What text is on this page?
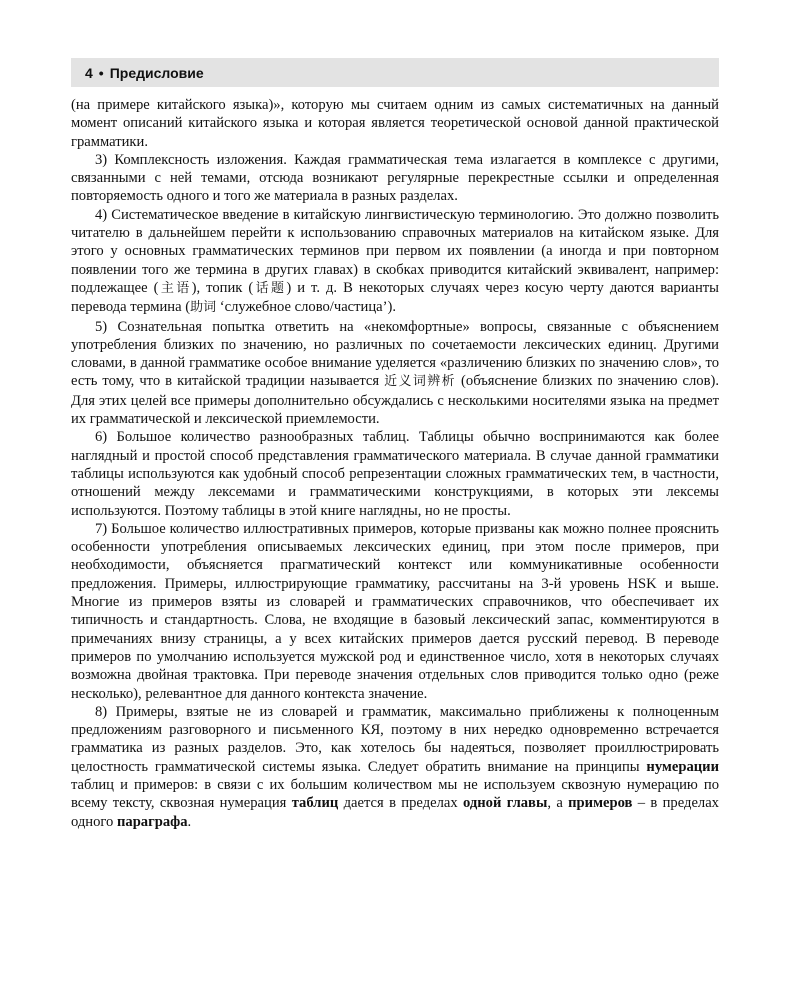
4 • Предисловие

(на примере китайского языка)», которую мы считаем одним из самых систематичных на данный момент описаний китайского языка и которая является теоретической основой данной практической грамматики.

3) Комплексность изложения. Каждая грамматическая тема излагается в комплексе с другими, связанными с ней темами, отсюда возникают регулярные перекрестные ссылки и определенная повторяемость одного и того же материала в разных разделах.

4) Систематическое введение в китайскую лингвистическую терминологию. Это должно позволить читателю в дальнейшем перейти к использованию справочных материалов на китайском языке. Для этого у основных грамматических терминов при первом их появлении (а иногда и при повторном появлении того же термина в других главах) в скобках приводится китайский эквивалент, например: подлежащее (主语), топик (话题) и т. д. В некоторых случаях через косую черту даются варианты перевода термина (助词 ‘служебное слово/частица’).

5) Сознательная попытка ответить на «некомфортные» вопросы, связанные с объяснением употребления близких по значению, но различных по сочетаемости лексических единиц. Другими словами, в данной грамматике особое внимание уделяется «различению близких по значению слов», то есть тому, что в китайской традиции называется 近义词辨析 (объяснение близких по значению слов). Для этих целей все примеры дополнительно обсуждались с несколькими носителями языка на предмет их грамматической и лексической приемлемости.

6) Большое количество разнообразных таблиц. Таблицы обычно воспринимаются как более наглядный и простой способ представления грамматического материала. В случае данной грамматики таблицы используются как удобный способ репрезентации сложных грамматических тем, в частности, отношений между лексемами и грамматическими конструкциями, в которых эти лексемы используются. Поэтому таблицы в этой книге наглядны, но не просты.

7) Большое количество иллюстративных примеров, которые призваны как можно полнее прояснить особенности употребления описываемых лексических единиц, при этом после примеров, при необходимости, объясняется прагматический контекст или коммуникативные особенности предложения. Примеры, иллюстрирующие грамматику, рассчитаны на 3-й уровень HSK и выше. Многие из примеров взяты из словарей и грамматических справочников, что обеспечивает их типичность и стандартность. Слова, не входящие в базовый лексический запас, комментируются в примечаниях внизу страницы, а у всех китайских примеров дается русский перевод. В переводе примеров по умолчанию используется мужской род и единственное число, хотя в некоторых случаях возможна двойная трактовка. При переводе значения отдельных слов приводится только одно (реже несколько), релевантное для данного контекста значение.

8) Примеры, взятые не из словарей и грамматик, максимально приближены к полноценным предложениям разговорного и письменного КЯ, поэтому в них нередко одновременно встречается грамматика из разных разделов. Это, как хотелось бы надеяться, позволяет проиллюстрировать целостность грамматической системы языка. Следует обратить внимание на принципы нумерации таблиц и примеров: в связи с их большим количеством мы не используем сквозную нумерацию по всему тексту, сквозная нумерация таблиц дается в пределах одной главы, а примеров – в пределах одного параграфа.
